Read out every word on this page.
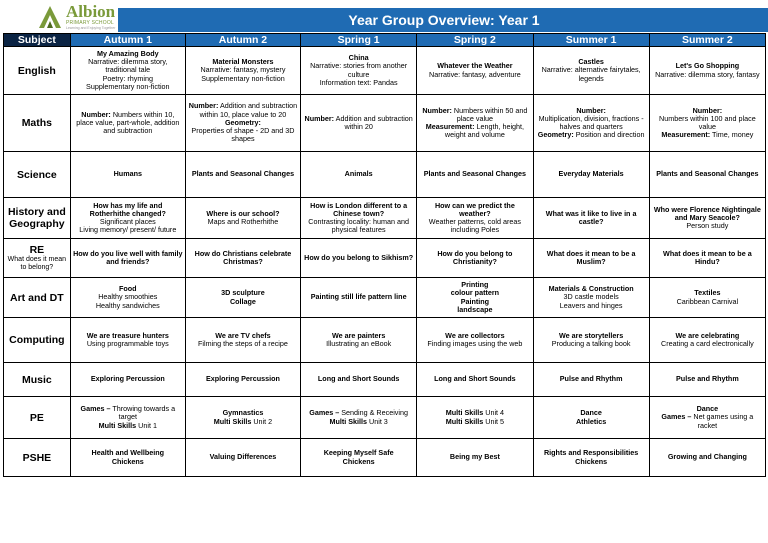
Albion
PRIMARY SCHOOL
Learning and Enjoying Together	Year Group Overview: Year 1
Subject	Autumn 1	Autumn 2	Spring 1	Spring 2	Summer 1	Summer 2

English	My Amazing Body
Narrative: dilemma story, traditional tale
Poetry: rhyming
Supplementary non-fiction	Material Monsters
Narrative: fantasy, mystery
Supplementary non-fiction	China
Narrative: stories from another culture
Information text: Pandas	Whatever the Weather
Narrative: fantasy, adventure	Castles
Narrative: alternative fairytales, legends	Let's Go Shopping
Narrative: dilemma story, fantasy

Maths	Number: Numbers within 10, place value, part-whole, addition and subtraction	Number: Addition and subtraction within 10, place value to 20
Geometry:
Properties of shape - 2D and 3D shapes	Number: Addition and subtraction within 20	Number: Numbers within 50 and place value
Measurement: Length, height, weight and volume	Number:
Multiplication, division, fractions - halves and quarters
Geometry: Position and direction	Number:
Numbers within 100 and place value
Measurement: Time, money

Science	Humans	Plants and Seasonal Changes	Animals	Plants and Seasonal Changes	Everyday Materials	Plants and Seasonal Changes

History and Geography	How has my life and Rotherhithe changed?
Significant places
Living memory/ present/ future	Where is our school?
Maps and Rotherhithe	How is London different to a Chinese town?
Contrasting locality: human and physical features	How can we predict the weather?
Weather patterns, cold areas including Poles	What was it like to live in a castle?	Who were Florence Nightingale and Mary Seacole?
Person study

RE
What does it mean to belong?	How do you live well with family and friends?	How do Christians celebrate Christmas?	How do you belong to Sikhism?	How do you belong to Christianity?	What does it mean to be a Muslim?	What does it mean to be a Hindu?

Art and DT	Food
Healthy smoothies
Healthy sandwiches	3D sculpture
Collage	Painting still life pattern line	Printing
colour pattern
Painting
landscape	Materials & Construction
3D castle models
Leavers and hinges	Textiles
Caribbean Carnival

Computing	We are treasure hunters
Using programmable toys	We are TV chefs
Filming the steps of a recipe	We are painters
Illustrating an eBook	We are collectors
Finding images using the web	We are storytellers
Producing a talking book	We are celebrating
Creating a card electronically

Music	Exploring Percussion	Exploring Percussion	Long and Short Sounds	Long and Short Sounds	Pulse and Rhythm	Pulse and Rhythm

PE	Games – Throwing towards a target
Multi Skills Unit 1	Gymnastics
Multi Skills Unit 2	Games – Sending & Receiving
Multi Skills Unit 3	Multi Skills Unit 4
Multi Skills Unit 5	Dance
Athletics	Dance
Games – Net games using a racket

PSHE	Health and Wellbeing
Chickens	Valuing Differences	Keeping Myself Safe
Chickens	Being my Best	Rights and Responsibilities
Chickens	Growing and Changing
